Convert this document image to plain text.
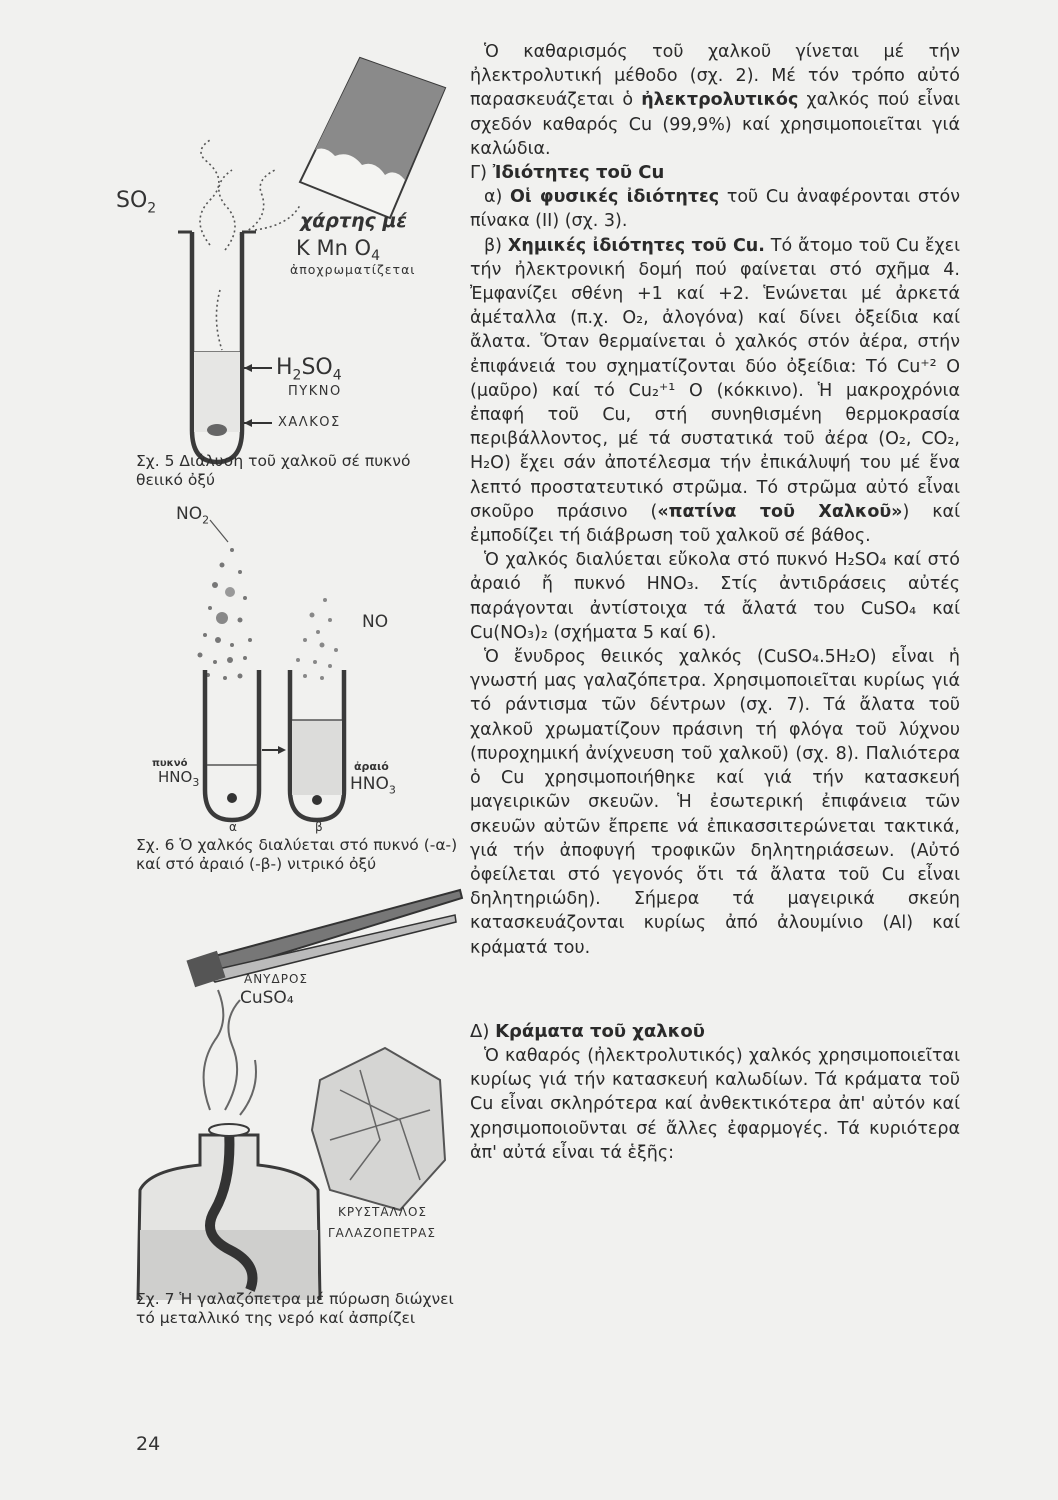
$SO_2$
χάρτης μέ
K Mn $O_4$
ἀποχρωματίζεται
$H_2SO_4$
ΠΥΚΝΟ
ΧΑΛΚΟΣ
Σχ. 5 Διάλυση τοῦ χαλκοῦ σέ πυκνό θειικό ὀξύ
$NO_2$
NO
πυκνό
$HNO_3$
ἀραιό
$HNO_3$
α	β
Σχ. 6 Ὁ χαλκός διαλύεται στό πυκνό (-α-) καί στό ἀραιό (-β-) νιτρικό ὀξύ
ΑΝΥΔΡΟΣ
CuSO₄
ΚΡΥΣΤΑΛΛΟΣ
ΓΑΛΑΖΟΠΕΤΡΑΣ
Σχ. 7 Ἡ γαλαζόπετρα μέ πύρωση διώχνει τό μεταλλικό της νερό καί ἀσπρίζει
24

Ὁ καθαρισμός τοῦ χαλκοῦ γίνεται μέ τήν ἠλεκτρολυτική μέθοδο (σχ. 2). Μέ τόν τρόπο αὐτό παρασκευάζεται ὁ ἠλεκτρολυτικός χαλκός πού εἶναι σχεδόν καθαρός Cu (99,9%) καί χρησιμοποιεῖται γιά καλώδια.

Γ) Ἰδιότητες τοῦ Cu

α) Οἱ φυσικές ἰδιότητες τοῦ Cu ἀναφέρονται στόν πίνακα (ΙΙ) (σχ. 3).

β) Χημικές ἰδιότητες τοῦ Cu. Τό ἄτομο τοῦ Cu ἔχει τήν ἠλεκτρονική δομή πού φαίνεται στό σχῆμα 4. Ἐμφανίζει σθένη +1 καί +2. Ἑνώνεται μέ ἀρκετά ἀμέταλλα (π.χ. O₂, ἀλογόνα) καί δίνει ὀξείδια καί ἄλατα. Ὅταν θερμαίνεται ὁ χαλκός στόν ἀέρα, στήν ἐπιφάνειά του σχηματίζονται δύο ὀξείδια: Τό Cu⁺² O (μαῦρο) καί τό Cu₂⁺¹ O (κόκκινο). Ἡ μακροχρόνια ἐπαφή τοῦ Cu, στή συνηθισμένη θερμοκρασία περιβάλλοντος, μέ τά συστατικά τοῦ ἀέρα (O₂, CO₂, H₂O) ἔχει σάν ἀποτέλεσμα τήν ἐπικάλυψή του μέ ἕνα λεπτό προστατευτικό στρῶμα. Τό στρῶμα αὐτό εἶναι σκοῦρο πράσινο («πατίνα τοῦ Χαλκοῦ») καί ἐμποδίζει τή διάβρωση τοῦ χαλκοῦ σέ βάθος.

Ὁ χαλκός διαλύεται εὔκολα στό πυκνό H₂SO₄ καί στό ἀραιό ἤ πυκνό HNO₃. Στίς ἀντιδράσεις αὐτές παράγονται ἀντίστοιχα τά ἄλατά του CuSO₄ καί Cu(NO₃)₂ (σχήματα 5 καί 6).

Ὁ ἔνυδρος θειικός χαλκός (CuSO₄.5H₂O) εἶναι ἡ γνωστή μας γαλαζόπετρα. Χρησιμοποιεῖται κυρίως γιά τό ράντισμα τῶν δέντρων (σχ. 7). Τά ἄλατα τοῦ χαλκοῦ χρωματίζουν πράσινη τή φλόγα τοῦ λύχνου (πυροχημική ἀνίχνευση τοῦ χαλκοῦ) (σχ. 8). Παλιότερα ὁ Cu χρησιμοποιήθηκε καί γιά τήν κατασκευή μαγειρικῶν σκευῶν. Ἡ ἐσωτερική ἐπιφάνεια τῶν σκευῶν αὐτῶν ἔπρεπε νά ἐπικασσιτερώνεται τακτικά, γιά τήν ἀποφυγή τροφικῶν δηλητηριάσεων. (Αὐτό ὀφείλεται στό γεγονός ὅτι τά ἄλατα τοῦ Cu εἶναι δηλητηριώδη). Σήμερα τά μαγειρικά σκεύη κατασκευάζονται κυρίως ἀπό ἀλουμίνιο (Al) καί κράματά του.

Δ) Κράματα τοῦ χαλκοῦ

Ὁ καθαρός (ἠλεκτρολυτικός) χαλκός χρησιμοποιεῖται κυρίως γιά τήν κατασκευή καλωδίων. Τά κράματα τοῦ Cu εἶναι σκληρότερα καί ἀνθεκτικότερα ἀπ' αὐτόν καί χρησιμοποιοῦνται σέ ἄλλες ἐφαρμογές. Τά κυριότερα ἀπ' αὐτά εἶναι τά ἑξῆς:
